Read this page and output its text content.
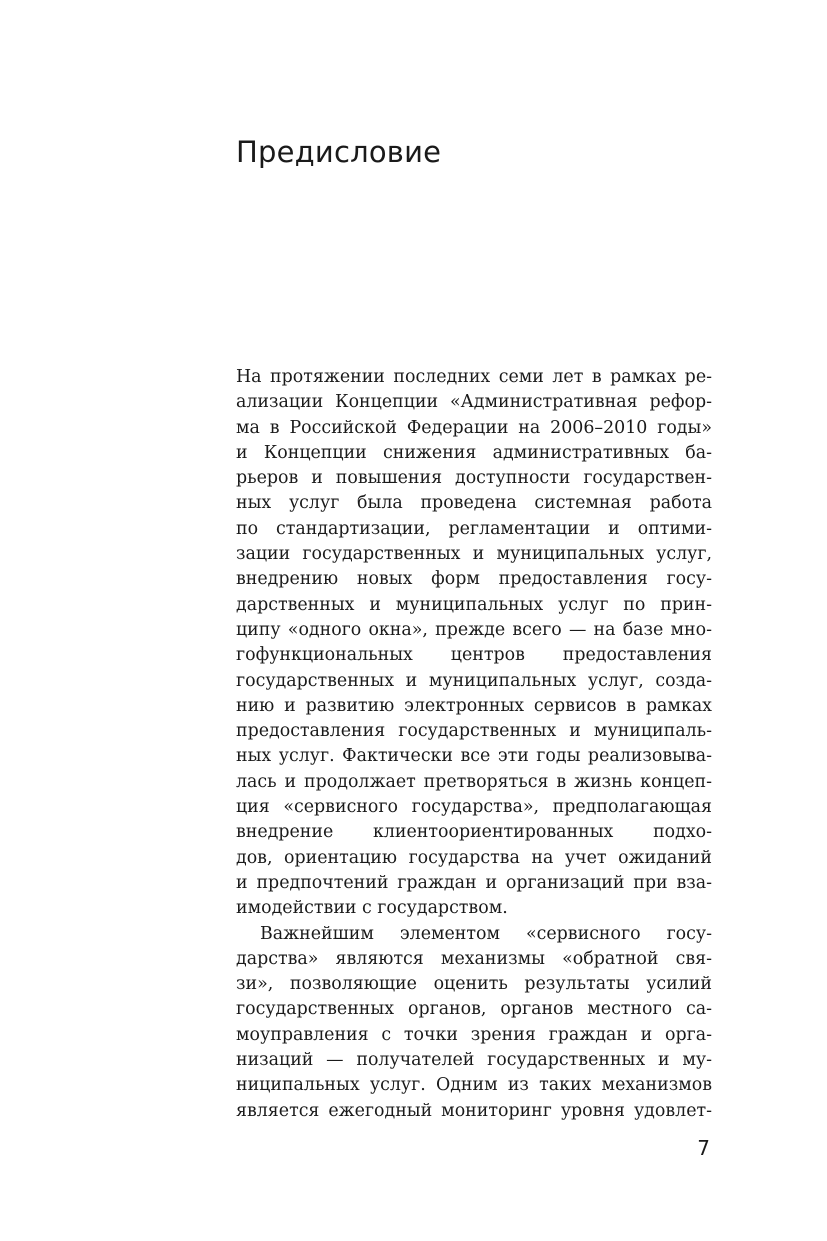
Предисловие
На протяжении последних семи лет в рамках ре-
ализации Концепции «Административная рефор-
ма в Российской Федерации на 2006–2010 годы»
и Концепции снижения административных ба-
рьеров и повышения доступности государствен-
ных услуг была проведена системная работа
по стандартизации, регламентации и оптими-
зации государственных и муниципальных услуг,
внедрению новых форм предоставления госу-
дарственных и муниципальных услуг по прин-
ципу «одного окна», прежде всего — на базе мно-
гофункциональных центров предоставления
государственных и муниципальных услуг, созда-
нию и развитию электронных сервисов в рамках
предоставления государственных и муниципаль-
ных услуг. Фактически все эти годы реализовыва-
лась и продолжает претворяться в жизнь концеп-
ция «сервисного государства», предполагающая
внедрение клиентоориентированных подхо-
дов, ориентацию государства на учет ожиданий
и предпочтений граждан и организаций при вза-
имодействии с государством.
Важнейшим элементом «сервисного госу-
дарства» являются механизмы «обратной свя-
зи», позволяющие оценить результаты усилий
государственных органов, органов местного са-
моуправления с точки зрения граждан и орга-
низаций — получателей государственных и му-
ниципальных услуг. Одним из таких механизмов
является ежегодный мониторинг уровня удовлет-
7
